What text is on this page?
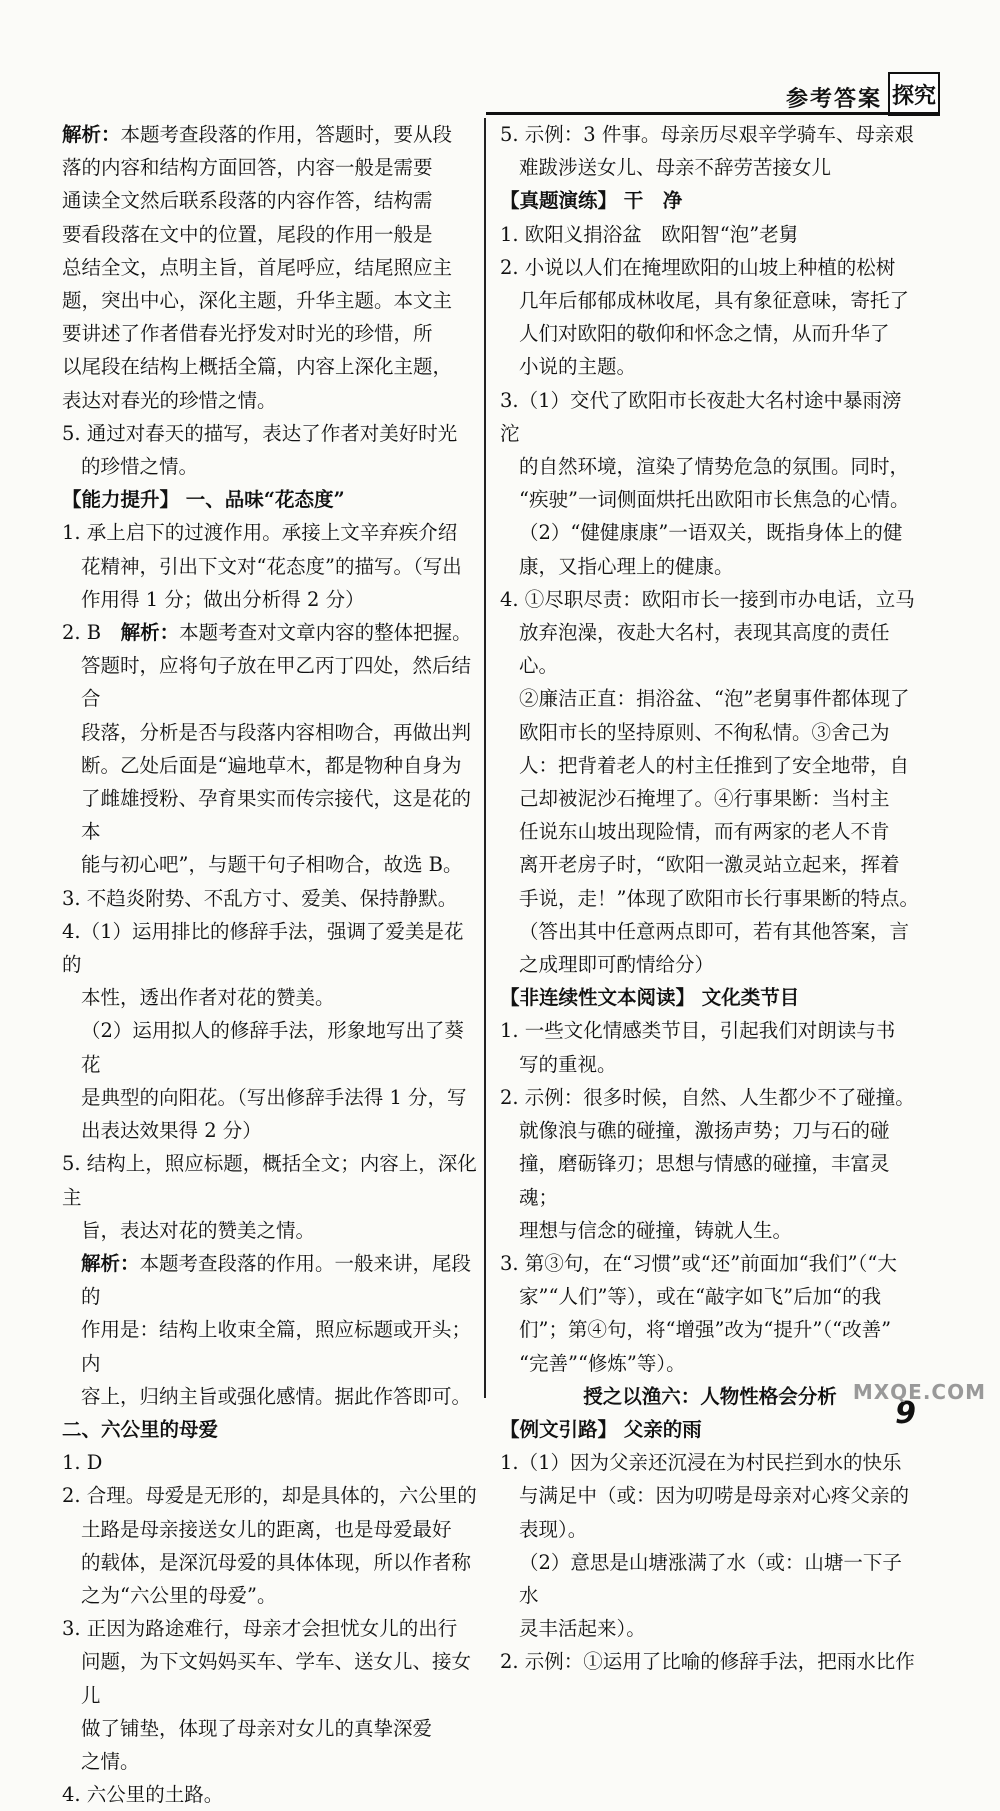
参考答案 探究

解析：本题考查段落的作用，答题时，要从段

落的内容和结构方面回答，内容一般是需要

通读全文然后联系段落的内容作答，结构需

要看段落在文中的位置，尾段的作用一般是

总结全文，点明主旨，首尾呼应，结尾照应主

题，突出中心，深化主题，升华主题。本文主

要讲述了作者借春光抒发对时光的珍惜，所

以尾段在结构上概括全篇，内容上深化主题，

表达对春光的珍惜之情。

5. 通过对春天的描写，表达了作者对美好时光

的珍惜之情。

【能力提升】 一、品味“花态度”

1. 承上启下的过渡作用。承接上文辛弃疾介绍

花精神，引出下文对“花态度”的描写。（写出

作用得 1 分；做出分析得 2 分）

2. B　解析：本题考查对文章内容的整体把握。

答题时，应将句子放在甲乙丙丁四处，然后结合

段落，分析是否与段落内容相吻合，再做出判

断。乙处后面是“遍地草木，都是物种自身为

了雌雄授粉、孕育果实而传宗接代，这是花的本

能与初心吧”，与题干句子相吻合，故选 B。

3. 不趋炎附势、不乱方寸、爱美、保持静默。

4.（1）运用排比的修辞手法，强调了爱美是花的

本性，透出作者对花的赞美。

（2）运用拟人的修辞手法，形象地写出了葵花

是典型的向阳花。（写出修辞手法得 1 分，写

出表达效果得 2 分）

5. 结构上，照应标题，概括全文；内容上，深化主

旨，表达对花的赞美之情。

解析：本题考查段落的作用。一般来讲，尾段的

作用是：结构上收束全篇，照应标题或开头；内

容上，归纳主旨或强化感情。据此作答即可。

二、六公里的母爱

1. D

2. 合理。母爱是无形的，却是具体的，六公里的

土路是母亲接送女儿的距离，也是母爱最好

的载体，是深沉母爱的具体体现，所以作者称

之为“六公里的母爱”。

3. 正因为路途难行，母亲才会担忧女儿的出行

问题，为下文妈妈买车、学车、送女儿、接女儿

做了铺垫，体现了母亲对女儿的真挚深爱

之情。

4. 六公里的土路。

5. 示例：3 件事。母亲历尽艰辛学骑车、母亲艰

难跋涉送女儿、母亲不辞劳苦接女儿

【真题演练】 干　净

1. 欧阳义捐浴盆　欧阳智“泡”老舅

2. 小说以人们在掩埋欧阳的山坡上种植的松树

几年后郁郁成林收尾，具有象征意味，寄托了

人们对欧阳的敬仰和怀念之情，从而升华了

小说的主题。

3.（1）交代了欧阳市长夜赴大名村途中暴雨滂沱

的自然环境，渲染了情势危急的氛围。同时，

“疾驶”一词侧面烘托出欧阳市长焦急的心情。

（2）“健健康康”一语双关，既指身体上的健

康，又指心理上的健康。

4. ①尽职尽责：欧阳市长一接到市办电话，立马

放弃泡澡，夜赴大名村，表现其高度的责任心。

②廉洁正直：捐浴盆、“泡”老舅事件都体现了

欧阳市长的坚持原则、不徇私情。③舍己为

人：把背着老人的村主任推到了安全地带，自

己却被泥沙石掩埋了。④行事果断：当村主

任说东山坡出现险情，而有两家的老人不肯

离开老房子时，“欧阳一激灵站立起来，挥着

手说，走！”体现了欧阳市长行事果断的特点。

（答出其中任意两点即可，若有其他答案，言

之成理即可酌情给分）

【非连续性文本阅读】 文化类节目

1. 一些文化情感类节目，引起我们对朗读与书

写的重视。

2. 示例：很多时候，自然、人生都少不了碰撞。

就像浪与礁的碰撞，激扬声势；刀与石的碰

撞，磨砺锋刃；思想与情感的碰撞，丰富灵魂；

理想与信念的碰撞，铸就人生。

3. 第③句，在“习惯”或“还”前面加“我们”（“大

家”“人们”等），或在“敲字如飞”后加“的我

们”；第④句，将“增强”改为“提升”（“改善”

“完善”“修炼”等）。

授之以渔六：人物性格会分析

【例文引路】 父亲的雨

1.（1）因为父亲还沉浸在为村民拦到水的快乐

与满足中（或：因为叨唠是母亲对心疼父亲的

表现）。

（2）意思是山塘涨满了水（或：山塘一下子水

灵丰活起来）。

2. 示例：①运用了比喻的修辞手法，把雨水比作

9
MXQE.COM
